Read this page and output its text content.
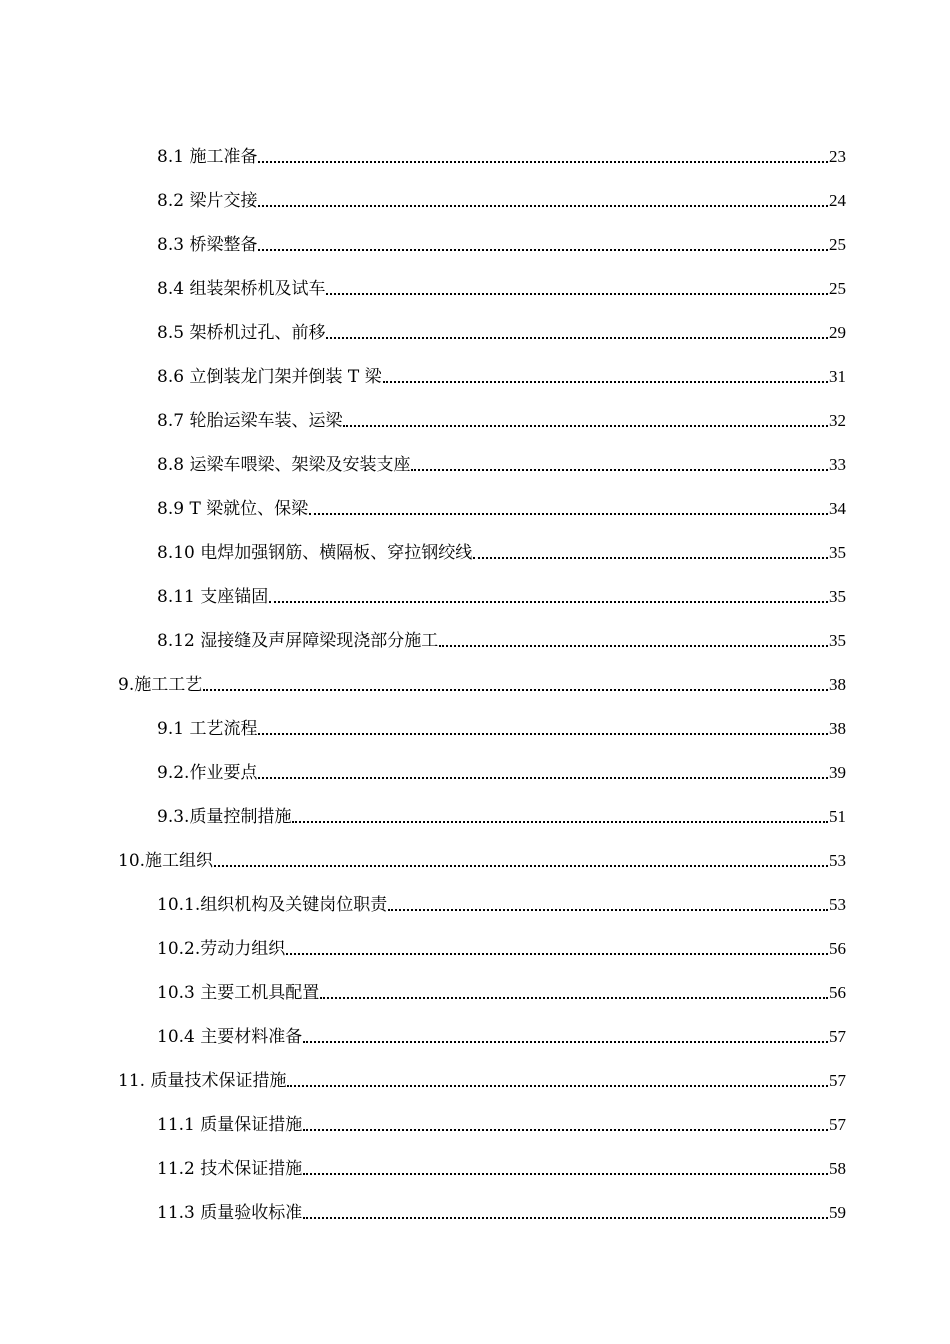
8.1 施工准备	23
8.2 梁片交接	24
8.3 桥梁整备	25
8.4 组装架桥机及试车	25
8.5 架桥机过孔、前移	29
8.6 立倒装龙门架并倒装 T 梁	31
8.7 轮胎运梁车装、运梁	32
8.8 运梁车喂梁、架梁及安装支座	33
8.9 T 梁就位、保梁	34
8.10 电焊加强钢筋、横隔板、穿拉钢绞线	35
8.11 支座锚固	35
8.12 湿接缝及声屏障梁现浇部分施工	35
9.施工工艺	38
9.1 工艺流程	38
9.2.作业要点	39
9.3.质量控制措施	51
10.施工组织	53
10.1.组织机构及关键岗位职责	53
10.2.劳动力组织	56
10.3 主要工机具配置	56
10.4 主要材料准备	57
11. 质量技术保证措施	57
11.1 质量保证措施	57
11.2 技术保证措施	58
11.3 质量验收标准	59
